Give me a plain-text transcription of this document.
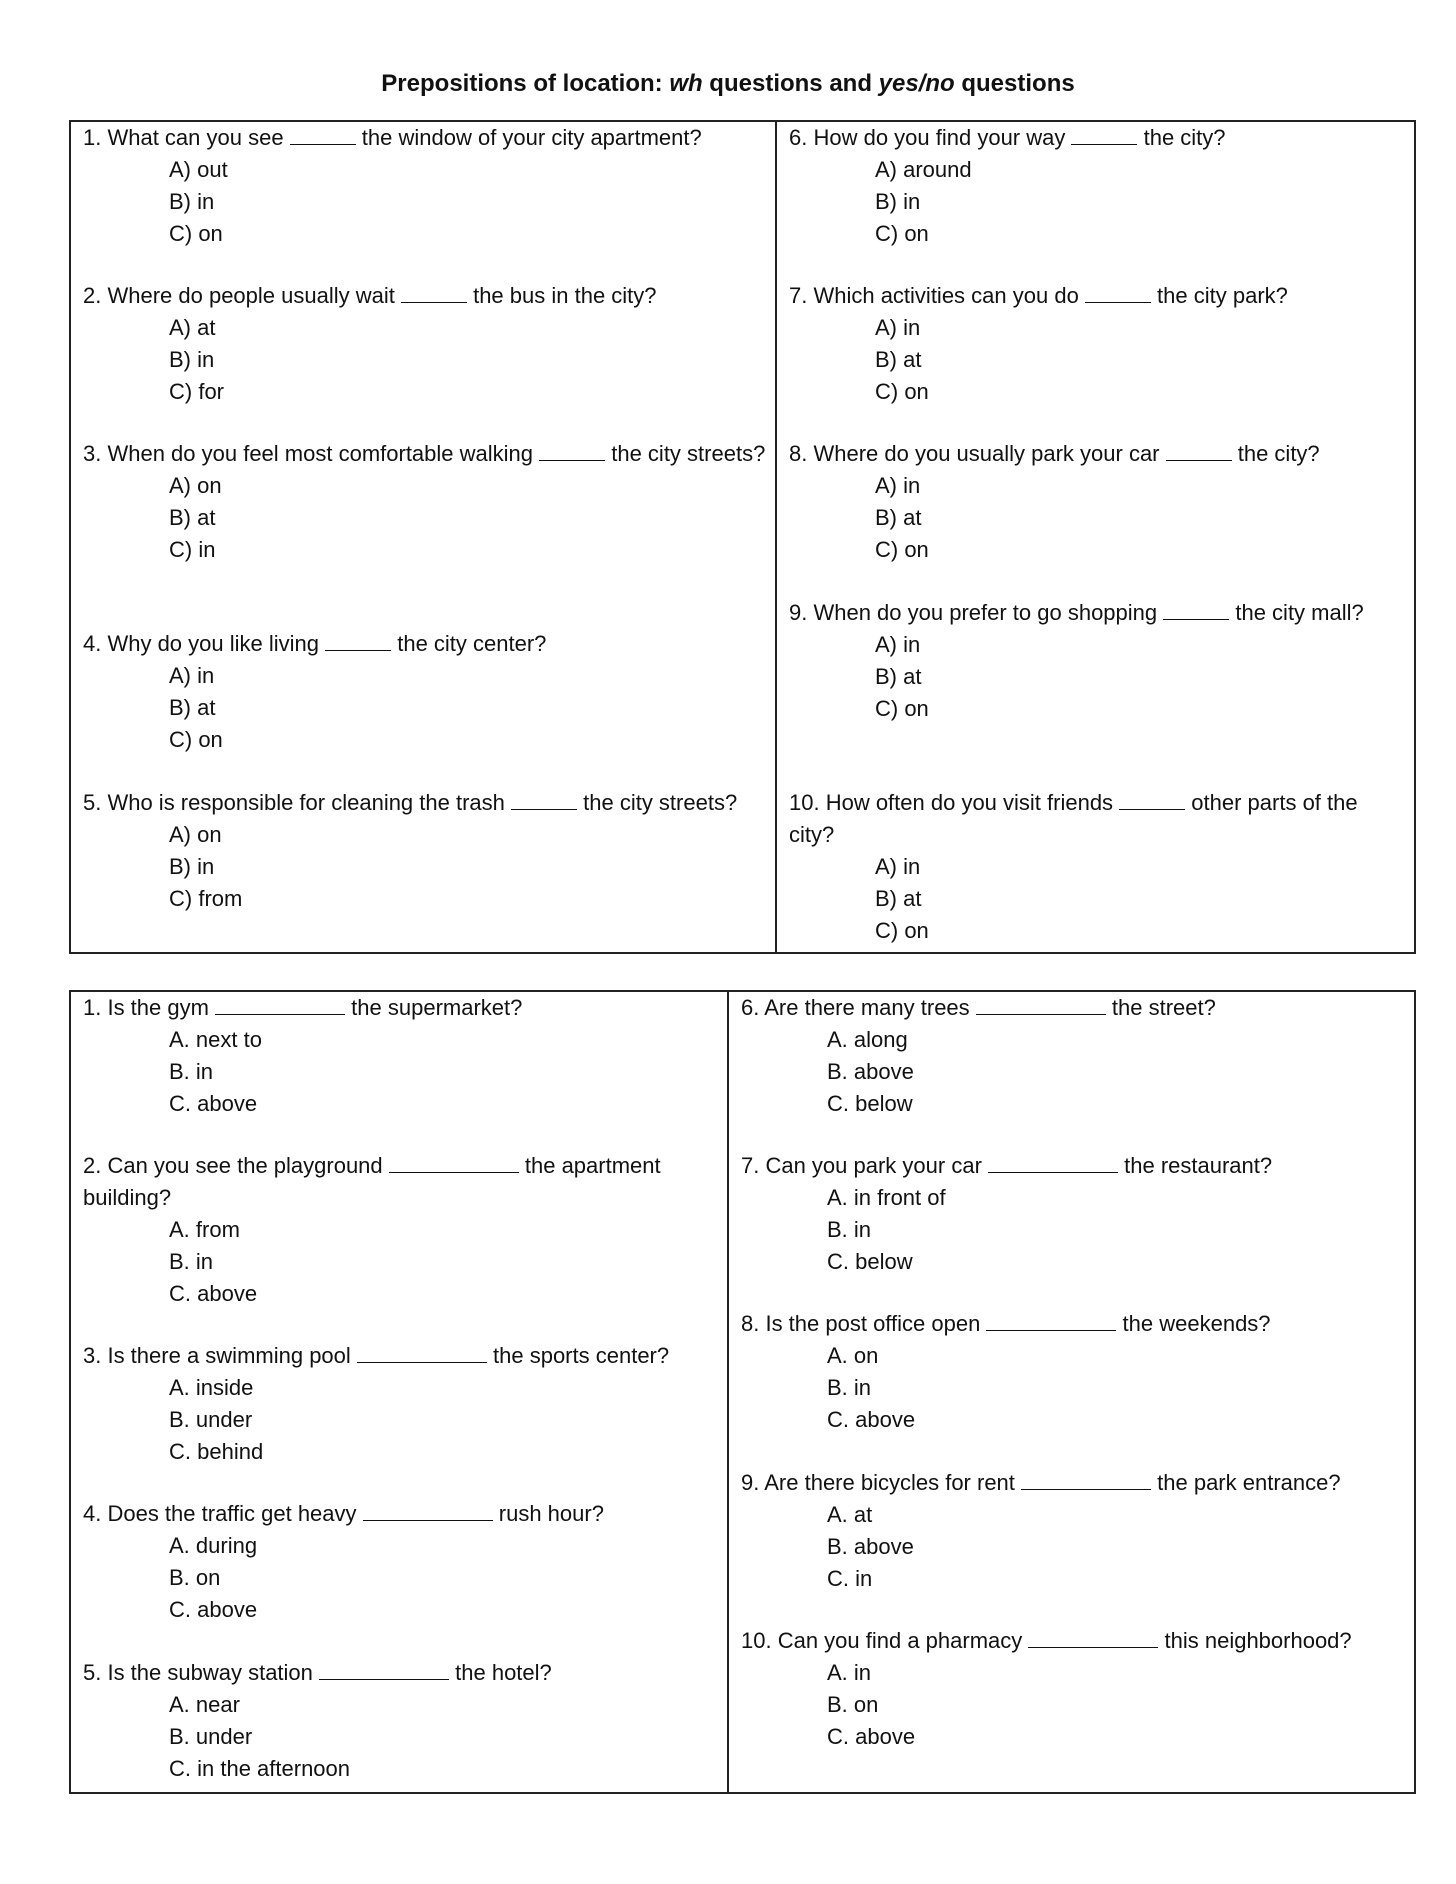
Prepositions of location: wh questions and yes/no questions

1. What can you see	the window of your city apartment?

A) out
B) in
C) on

2. Where do people usually wait	the bus in the city?

A) at
B) in
C) for

3. When do you feel most comfortable walking	the city streets?

A) on
B) at
C) in

4. Why do you like living	the city center?

A) in
B) at
C) on

5. Who is responsible for cleaning the trash	the city streets?

A) on
B) in
C) from

6. How do you find your way	the city?

A) around
B) in
C) on

7. Which activities can you do	the city park?

A) in
B) at
C) on

8. Where do you usually park your car	the city?

A) in
B) at
C) on

9. When do you prefer to go shopping	the city mall?

A) in
B) at
C) on

10. How often do you visit friends	other parts of the city?

A) in
B) at
C) on

1. Is the gym	the supermarket?

A. next to
B. in
C. above

2. Can you see the playground	the apartment building?

A. from
B. in
C. above

3. Is there a swimming pool	the sports center?

A. inside
B. under
C. behind

4. Does the traffic get heavy	rush hour?

A. during
B. on
C. above

5. Is the subway station	the hotel?

A. near
B. under
C. in the afternoon

6. Are there many trees	the street?

A. along
B. above
C. below

7. Can you park your car	the restaurant?

A. in front of
B. in
C. below

8. Is the post office open	the weekends?

A. on
B. in
C. above

9. Are there bicycles for rent	the park entrance?

A. at
B. above
C. in

10. Can you find a pharmacy	this neighborhood?

A. in
B. on
C. above
